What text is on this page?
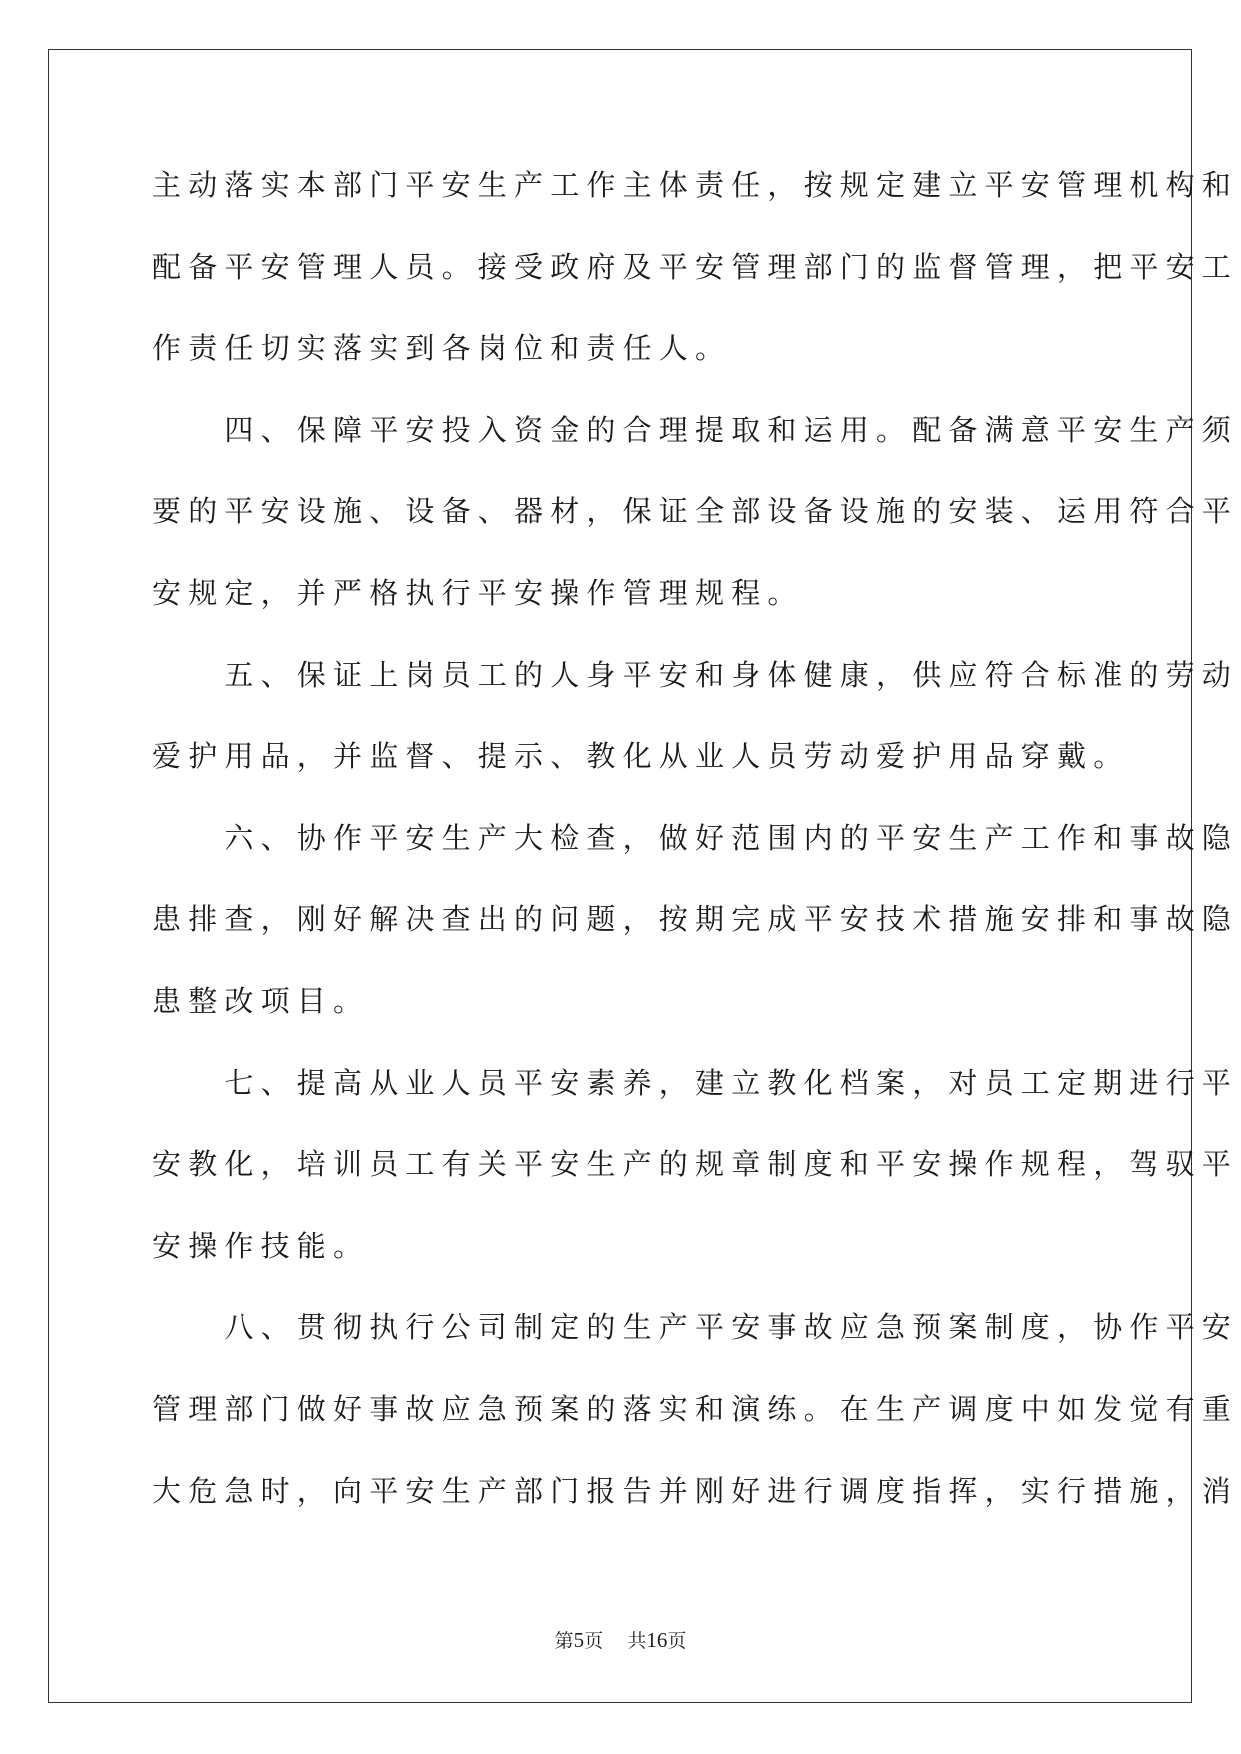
主动落实本部门平安生产工作主体责任，按规定建立平安管理机构和
配备平安管理人员。接受政府及平安管理部门的监督管理，把平安工
作责任切实落实到各岗位和责任人。
　　四、保障平安投入资金的合理提取和运用。配备满意平安生产须
要的平安设施、设备、器材，保证全部设备设施的安装、运用符合平
安规定，并严格执行平安操作管理规程。
　　五、保证上岗员工的人身平安和身体健康，供应符合标准的劳动
爱护用品，并监督、提示、教化从业人员劳动爱护用品穿戴。
　　六、协作平安生产大检查，做好范围内的平安生产工作和事故隐
患排查，刚好解决查出的问题，按期完成平安技术措施安排和事故隐
患整改项目。
　　七、提高从业人员平安素养，建立教化档案，对员工定期进行平
安教化，培训员工有关平安生产的规章制度和平安操作规程，驾驭平
安操作技能。
　　八、贯彻执行公司制定的生产平安事故应急预案制度，协作平安
管理部门做好事故应急预案的落实和演练。在生产调度中如发觉有重
大危急时，向平安生产部门报告并刚好进行调度指挥，实行措施，消
第5页 共16页
